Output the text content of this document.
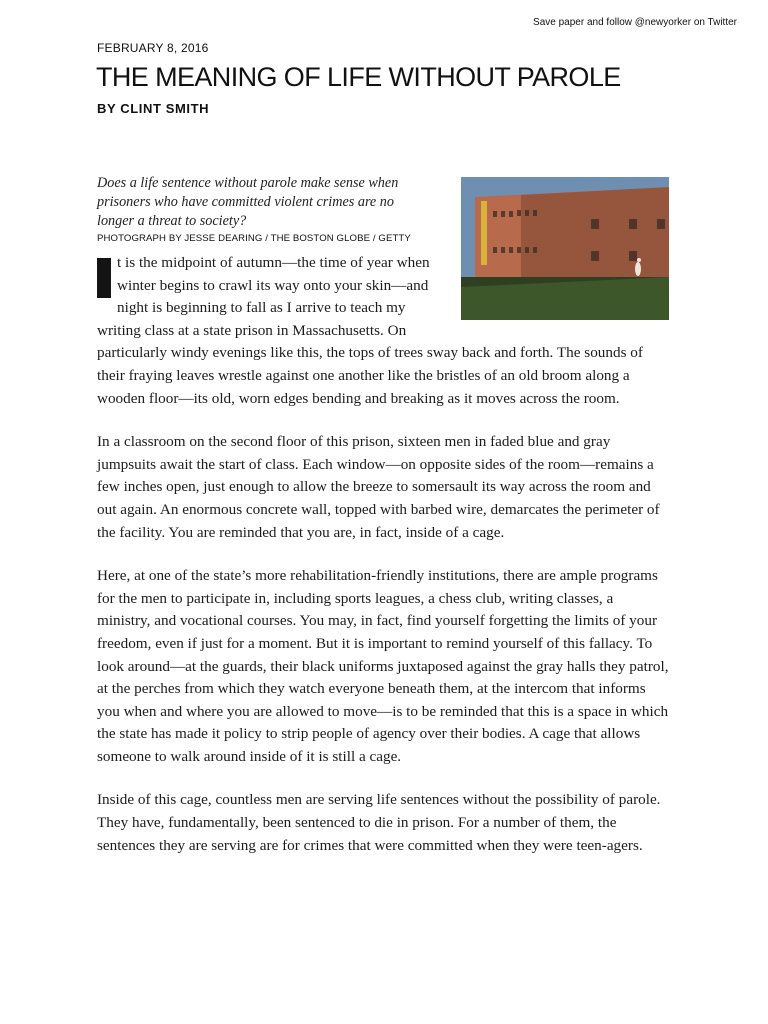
Save paper and follow @newyorker on Twitter
FEBRUARY 8, 2016
THE MEANING OF LIFE WITHOUT PAROLE
BY CLINT SMITH

Does a life sentence without parole make sense when prisoners who have committed violent crimes are no longer a threat to society?

PHOTOGRAPH BY JESSE DEARING / THE BOSTON GLOBE / GETTY

t is the midpoint of autumn—the time of year when winter begins to crawl its way onto your skin—and night is beginning to fall as I arrive to teach my writing class at a state prison in Massachusetts. On particularly windy evenings like this, the tops of trees sway back and forth. The sounds of their fraying leaves wrestle against one another like the bristles of an old broom along a wooden floor—its old, worn edges bending and breaking as it moves across the room.

In a classroom on the second floor of this prison, sixteen men in faded blue and gray jumpsuits await the start of class. Each window—on opposite sides of the room—remains a few inches open, just enough to allow the breeze to somersault its way across the room and out again. An enormous concrete wall, topped with barbed wire, demarcates the perimeter of the facility. You are reminded that you are, in fact, inside of a cage.

Here, at one of the state’s more rehabilitation-friendly institutions, there are ample programs for the men to participate in, including sports leagues, a chess club, writing classes, a ministry, and vocational courses. You may, in fact, find yourself forgetting the limits of your freedom, even if just for a moment. But it is important to remind yourself of this fallacy. To look around—at the guards, their black uniforms juxtaposed against the gray halls they patrol, at the perches from which they watch everyone beneath them, at the intercom that informs you when and where you are allowed to move—is to be reminded that this is a space in which the state has made it policy to strip people of agency over their bodies. A cage that allows someone to walk around inside of it is still a cage.

Inside of this cage, countless men are serving life sentences without the possibility of parole. They have, fundamentally, been sentenced to die in prison. For a number of them, the sentences they are serving are for crimes that were committed when they were teen-agers.
